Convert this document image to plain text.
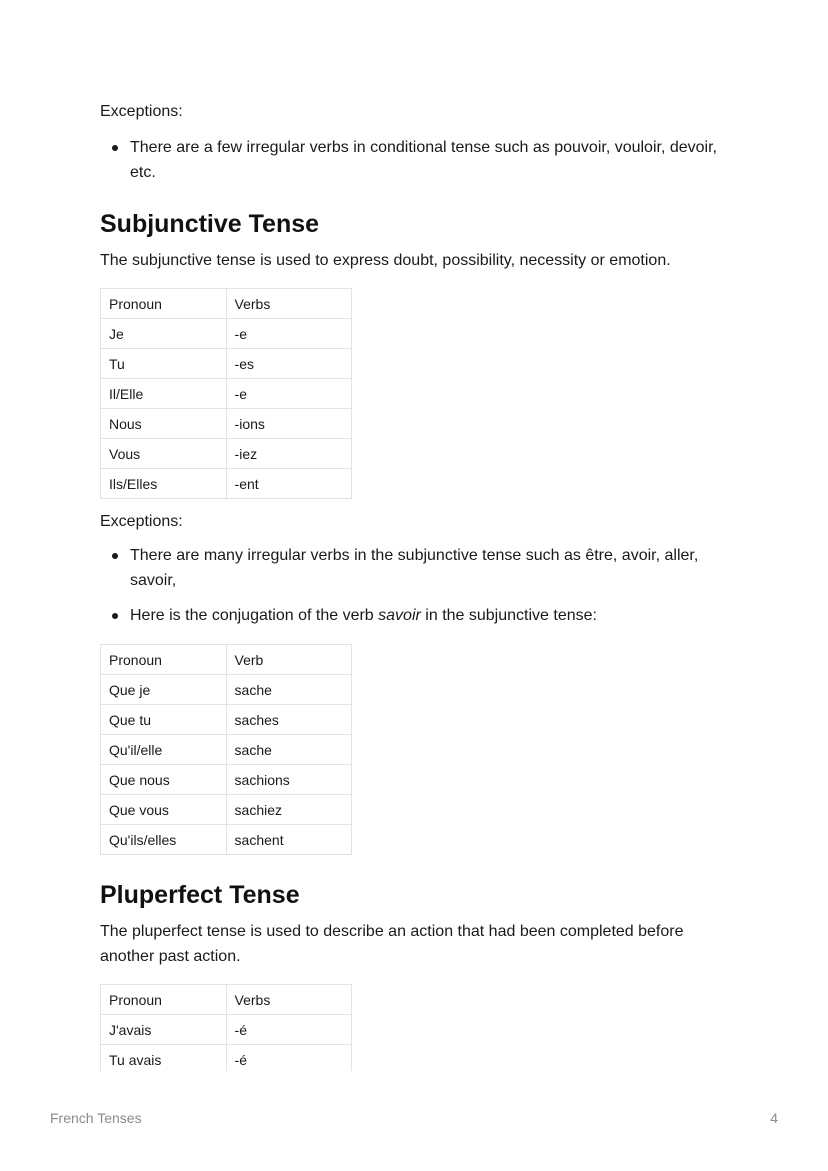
Exceptions:

There are a few irregular verbs in conditional tense such as pouvoir, vouloir, devoir, etc.
Subjunctive Tense

The subjunctive tense is used to express doubt, possibility, necessity or emotion.

Pronoun	Verbs
Je	-e
Tu	-es
Il/Elle	-e
Nous	-ions
Vous	-iez
Ils/Elles	-ent

Exceptions:

There are many irregular verbs in the subjunctive tense such as être, avoir, aller, savoir,
Here is the conjugation of the verb savoir in the subjunctive tense:
Pronoun	Verb
Que je	sache
Que tu	saches
Qu'il/elle	sache
Que nous	sachions
Que vous	sachiez
Qu'ils/elles	sachent
Pluperfect Tense

The pluperfect tense is used to describe an action that had been completed before another past action.

Pronoun	Verbs
J'avais	-é
Tu avais	-é
French Tenses	4
